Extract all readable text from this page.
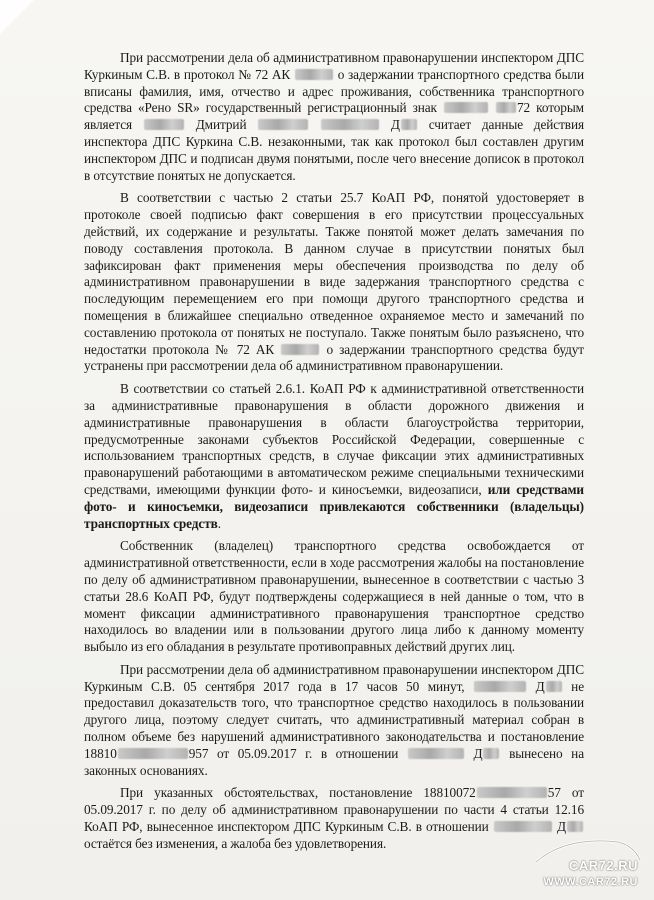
При рассмотрении дела об административном правонарушении инспектором ДПС Куркиным С.В. в протокол № 72 АК	о задержании транспортного средства были вписаны фамилия, имя, отчество и адрес проживания, собственника транспортного средства «Рено SR» государственный регистрационный знак	72 которым является	Дмитрий	Д считает данные действия инспектора ДПС Куркина С.В. незаконными, так как протокол был составлен другим инспектором ДПС и подписан двумя понятыми, после чего внесение дописок в протокол в отсутствие понятых не допускается.

В соответствии с частью 2 статьи 25.7 КоАП РФ, понятой удостоверяет в протоколе своей подписью факт совершения в его присутствии процессуальных действий, их содержание и результаты. Также понятой может делать замечания по поводу составления протокола. В данном случае в присутствии понятых был зафиксирован факт применения меры обеспечения производства по делу об административном правонарушении в виде задержания транспортного средства с последующим перемещением его при помощи другого транспортного средства и помещения в ближайшее специально отведенное охраняемое место и замечаний по составлению протокола от понятых не поступало. Также понятым было разъяснено, что недостатки протокола № 72 АК	о задержании транспортного средства будут устранены при рассмотрении дела об административном правонарушении.

В соответствии со статьей 2.6.1. КоАП РФ к административной ответственности за административные правонарушения в области дорожного движения и административные правонарушения в области благоустройства территории, предусмотренные законами субъектов Российской Федерации, совершенные с использованием транспортных средств, в случае фиксации этих административных правонарушений работающими в автоматическом режиме специальными техническими средствами, имеющими функции фото- и киносъемки, видеозаписи, или средствами фото- и киносъемки, видеозаписи привлекаются собственники (владельцы) транспортных средств.

Собственник (владелец) транспортного средства освобождается от административной ответственности, если в ходе рассмотрения жалобы на постановление по делу об административном правонарушении, вынесенное в соответствии с частью 3 статьи 28.6 КоАП РФ, будут подтверждены содержащиеся в ней данные о том, что в момент фиксации административного правонарушения транспортное средство находилось во владении или в пользовании другого лица либо к данному моменту выбыло из его обладания в результате противоправных действий других лиц.

При рассмотрении дела об административном правонарушении инспектором ДПС Куркиным С.В. 05 сентября 2017 года в 17 часов 50 минут,	Д не предоставил доказательств того, что транспортное средство находилось в пользовании другого лица, поэтому следует считать, что административный материал собран в полном объеме без нарушений административного законодательства и постановление 18810	957 от 05.09.2017 г. в отношении	Д вынесено на законных основаниях.

При указанных обстоятельствах, постановление 18810072	57 от 05.09.2017 г. по делу об административном правонарушении по части 4 статьи 12.16 КоАП РФ, вынесенное инспектором ДПС Куркиным С.В. в отношении	Д остаётся без изменения, а жалоба без удовлетворения.

CAR72.RU
WWW.CAR72.RU
